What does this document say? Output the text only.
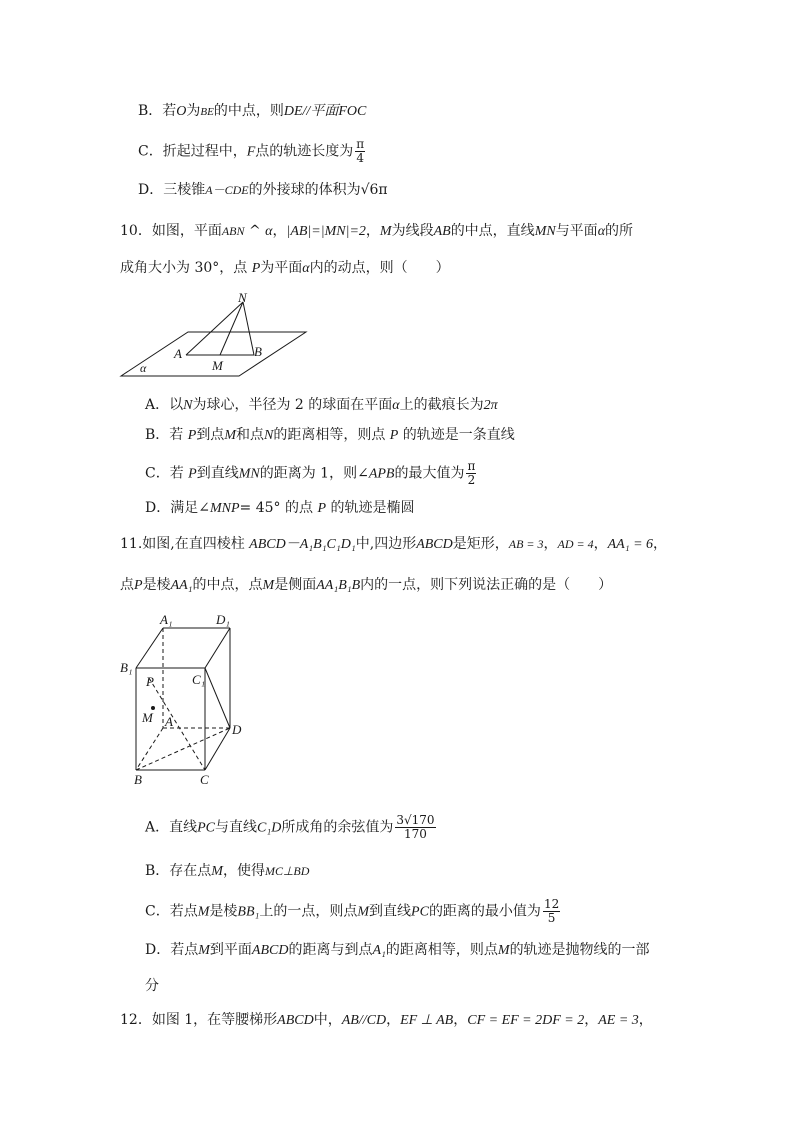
B．若O为BE的中点，则DE//平面FOC
C．折起过程中，F点的轨迹长度为 $\frac{\pi}{4}$
D．三棱锥A－CDE的外接球的体积为√6π
10．如图，平面ABN ^ α，|AB|=|MN|=2，M为线段AB的中点，直线MN与平面α的所
成角大小为 30°，点 P为平面α内的动点，则（　　）
N
A
M
B
α
A．以N为球心，半径为 2 的球面在平面α上的截痕长为2π
B．若 P到点M和点N的距离相等，则点 P 的轨迹是一条直线
C．若 P到直线MN的距离为 1，则∠APB的最大值为 $\frac{\pi}{2}$
D．满足∠MNP= 45° 的点 P 的轨迹是椭圆
11.如图,在直四棱柱 ABCD－A₁B₁C₁D₁中,四边形ABCD是矩形，AB = 3，AD = 4，AA₁ = 6，
点P是棱AA₁的中点，点M是侧面AA₁B₁B内的一点，则下列说法正确的是（　　）
A₁	D₁
B₁
C₁
P
M A
D
B	C
A．直线PC与直线C₁D所成角的余弦值为 $\frac{3√170}{170}$
B．存在点M，使得MC⊥BD
C．若点M是棱BB₁上的一点，则点M到直线PC的距离的最小值为 $\frac{12}{5}$
D．若点M到平面ABCD的距离与到点A₁的距离相等，则点M的轨迹是抛物线的一部
分
12．如图 1，在等腰梯形ABCD中，AB//CD，EF ⊥ AB，CF = EF = 2DF = 2，AE = 3，
